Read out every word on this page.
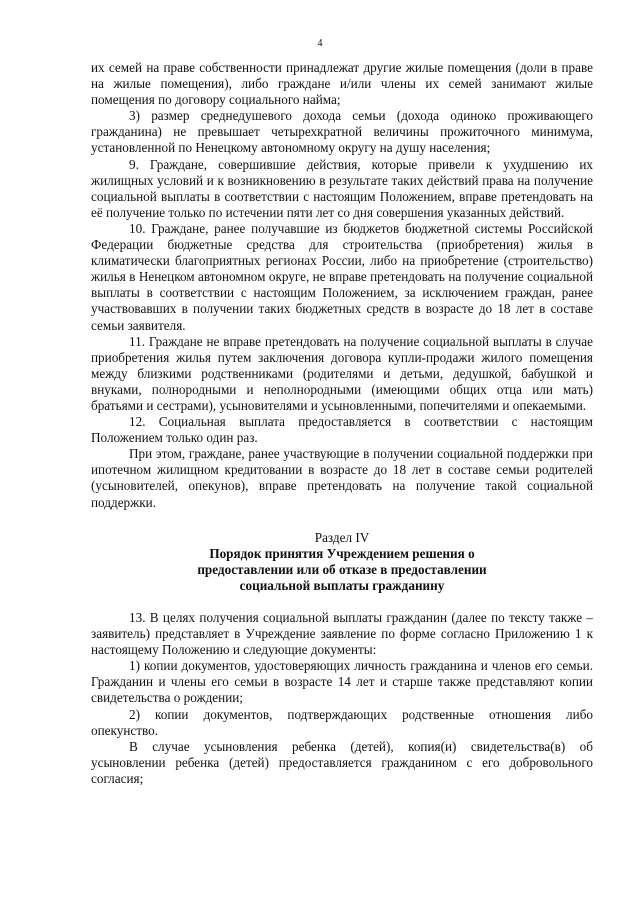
4

их семей на праве собственности принадлежат другие жилые помещения (доли в праве на жилые помещения), либо граждане и/или члены их семей занимают жилые помещения по договору социального найма;

3) размер среднедушевого дохода семьи (дохода одиноко проживающего гражданина) не превышает четырехкратной величины прожиточного минимума, установленной по Ненецкому автономному округу на душу населения;

9. Граждане, совершившие действия, которые привели к ухудшению их жилищных условий и к возникновению в результате таких действий права на получение социальной выплаты в соответствии с настоящим Положением, вправе претендовать на её получение только по истечении пяти лет со дня совершения указанных действий.

10. Граждане, ранее получавшие из бюджетов бюджетной системы Российской Федерации бюджетные средства для строительства (приобретения) жилья в климатически благоприятных регионах России, либо на приобретение (строительство) жилья в Ненецком автономном округе, не вправе претендовать на получение социальной выплаты в соответствии с настоящим Положением, за исключением граждан, ранее участвовавших в получении таких бюджетных средств в возрасте до 18 лет в составе семьи заявителя.

11. Граждане не вправе претендовать на получение социальной выплаты в случае приобретения жилья путем заключения договора купли-продажи жилого помещения между близкими родственниками (родителями и детьми, дедушкой, бабушкой и внуками, полнородными и неполнородными (имеющими общих отца или мать) братьями и сестрами), усыновителями и усыновленными, попечителями и опекаемыми.

12. Социальная выплата предоставляется в соответствии с настоящим Положением только один раз.

При этом, граждане, ранее участвующие в получении социальной поддержки при ипотечном жилищном кредитовании в возрасте до 18 лет в составе семьи родителей (усыновителей, опекунов), вправе претендовать на получение такой социальной поддержки.

Раздел IV
Порядок принятия Учреждением решения о
предоставлении или об отказе в предоставлении
социальной выплаты гражданину

13. В целях получения социальной выплаты гражданин (далее по тексту также – заявитель) представляет в Учреждение заявление по форме согласно Приложению 1 к настоящему Положению и следующие документы:

1) копии документов, удостоверяющих личность гражданина и членов его семьи. Гражданин и члены его семьи в возрасте 14 лет и старше также представляют копии свидетельства о рождении;

2) копии документов, подтверждающих родственные отношения либо опекунство.

В случае усыновления ребенка (детей), копия(и) свидетельства(в) об усыновлении ребенка (детей) предоставляется гражданином с его добровольного согласия;
